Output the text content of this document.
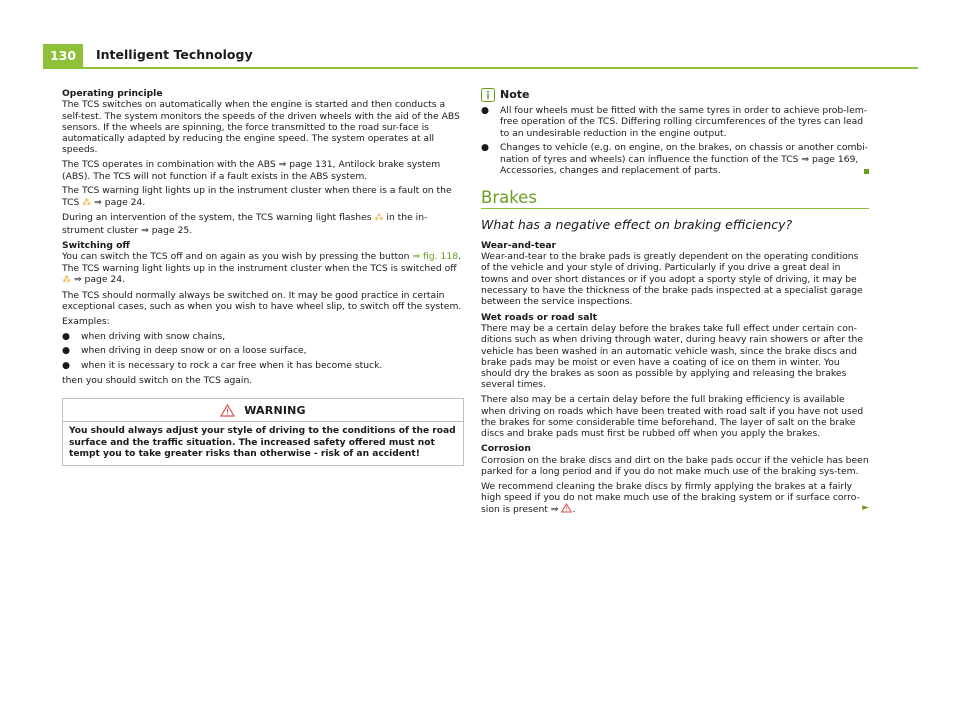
130	Intelligent Technology

Operating principle

The TCS switches on automatically when the engine is started and then conducts a self-test. The system monitors the speeds of the driven wheels with the aid of the ABS sensors. If the wheels are spinning, the force transmitted to the road sur-face is automatically adapted by reducing the engine speed. The system operates at all speeds.

The TCS operates in combination with the ABS ⇒ page 131, Antilock brake system (ABS). The TCS will not function if a fault exists in the ABS system.

The TCS warning light lights up in the instrument cluster when there is a fault on the TCS ⁂ ⇒ page 24.

During an intervention of the system, the TCS warning light flashes ⁂ in the in-strument cluster ⇒ page 25.

Switching off

You can switch the TCS off and on again as you wish by pressing the button ⇒ fig. 118. The TCS warning light lights up in the instrument cluster when the TCS is switched off ⁂ ⇒ page 24.

The TCS should normally always be switched on. It may be good practice in certain exceptional cases, such as when you wish to have wheel slip, to switch off the system.

Examples:

●	when driving with snow chains,
●	when driving in deep snow or on a loose surface,
●	when it is necessary to rock a car free when it has become stuck.

then you should switch on the TCS again.

WARNING
You should always adjust your style of driving to the conditions of the road surface and the traffic situation. The increased safety offered must not tempt you to take greater risks than otherwise - risk of an accident!
Note
●	All four wheels must be fitted with the same tyres in order to achieve prob-lem-free operation of the TCS. Differing rolling circumferences of the tyres can lead to an undesirable reduction in the engine output.
●	Changes to vehicle (e.g. on engine, on the brakes, on chassis or another combi-nation of tyres and wheels) can influence the function of the TCS ⇒ page 169, Accessories, changes and replacement of parts.
Brakes
What has a negative effect on braking efficiency?

Wear-and-tear

Wear-and-tear to the brake pads is greatly dependent on the operating conditions of the vehicle and your style of driving. Particularly if you drive a great deal in towns and over short distances or if you adopt a sporty style of driving, it may be necessary to have the thickness of the brake pads inspected at a specialist garage between the service inspections.

Wet roads or road salt

There may be a certain delay before the brakes take full effect under certain con-ditions such as when driving through water, during heavy rain showers or after the vehicle has been washed in an automatic vehicle wash, since the brake discs and brake pads may be moist or even have a coating of ice on them in winter. You should dry the brakes as soon as possible by applying and releasing the brakes several times.

There also may be a certain delay before the full braking efficiency is available when driving on roads which have been treated with road salt if you have not used the brakes for some considerable time beforehand. The layer of salt on the brake discs and brake pads must first be rubbed off when you apply the brakes.

Corrosion

Corrosion on the brake discs and dirt on the bake pads occur if the vehicle has been parked for a long period and if you do not make much use of the braking sys-tem.

We recommend cleaning the brake discs by firmly applying the brakes at a fairly high speed if you do not make much use of the braking system or if surface corro-sion is present ⇒ .	►
